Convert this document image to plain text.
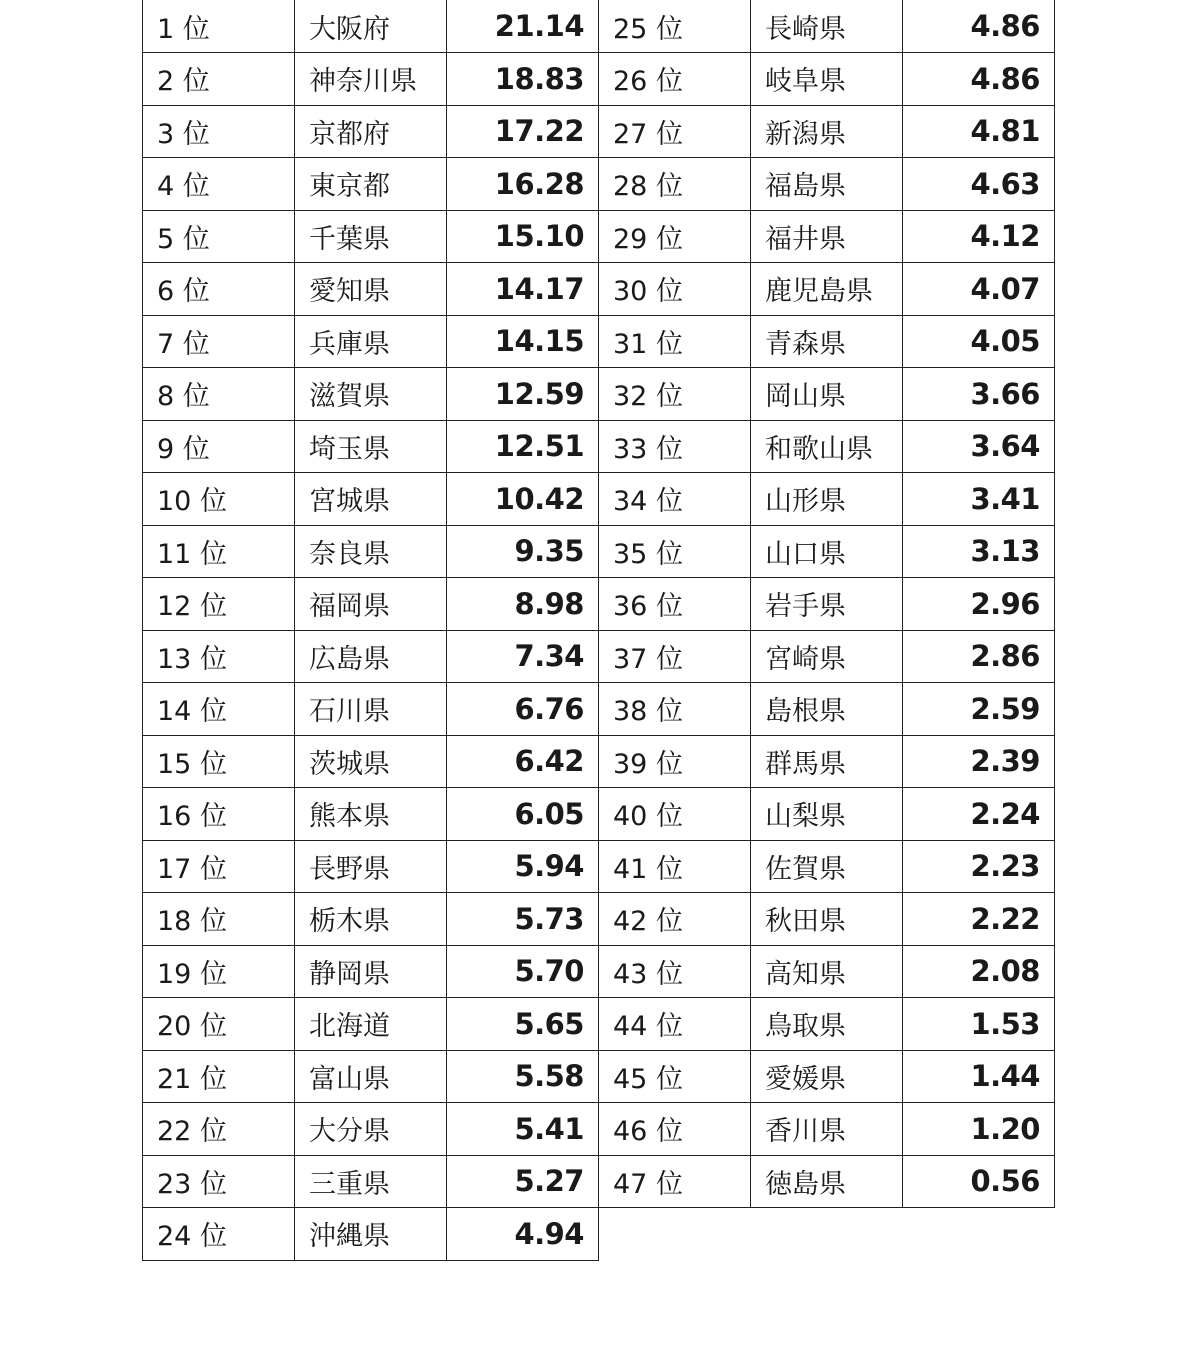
1 位	大阪府	21.14
2 位	神奈川県	18.83
3 位	京都府	17.22
4 位	東京都	16.28
5 位	千葉県	15.10
6 位	愛知県	14.17
7 位	兵庫県	14.15
8 位	滋賀県	12.59
9 位	埼玉県	12.51
10 位	宮城県	10.42
11 位	奈良県	9.35
12 位	福岡県	8.98
13 位	広島県	7.34
14 位	石川県	6.76
15 位	茨城県	6.42
16 位	熊本県	6.05
17 位	長野県	5.94
18 位	栃木県	5.73
19 位	静岡県	5.70
20 位	北海道	5.65
21 位	富山県	5.58
22 位	大分県	5.41
23 位	三重県	5.27
24 位	沖縄県	4.94
25 位	長崎県	4.86
26 位	岐阜県	4.86
27 位	新潟県	4.81
28 位	福島県	4.63
29 位	福井県	4.12
30 位	鹿児島県	4.07
31 位	青森県	4.05
32 位	岡山県	3.66
33 位	和歌山県	3.64
34 位	山形県	3.41
35 位	山口県	3.13
36 位	岩手県	2.96
37 位	宮崎県	2.86
38 位	島根県	2.59
39 位	群馬県	2.39
40 位	山梨県	2.24
41 位	佐賀県	2.23
42 位	秋田県	2.22
43 位	高知県	2.08
44 位	鳥取県	1.53
45 位	愛媛県	1.44
46 位	香川県	1.20
47 位	徳島県	0.56
